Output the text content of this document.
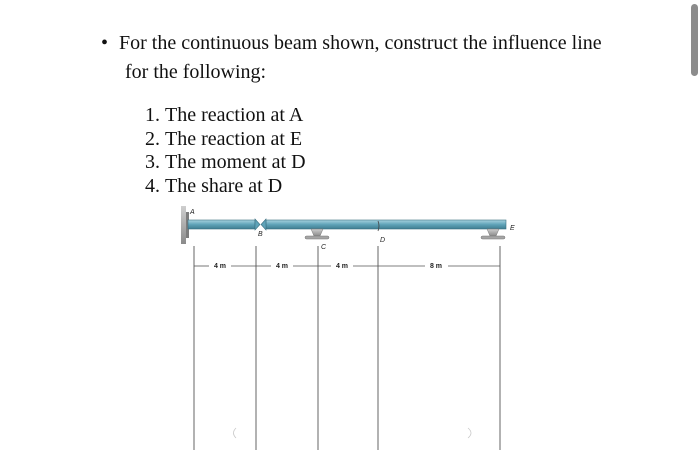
• For the continuous beam shown, construct the influence line
for the following:
1. The reaction at A
2. The reaction at E
3. The moment at D
4. The share at D
A
B
C
D
E
4 m	4 m	4 m	8 m
